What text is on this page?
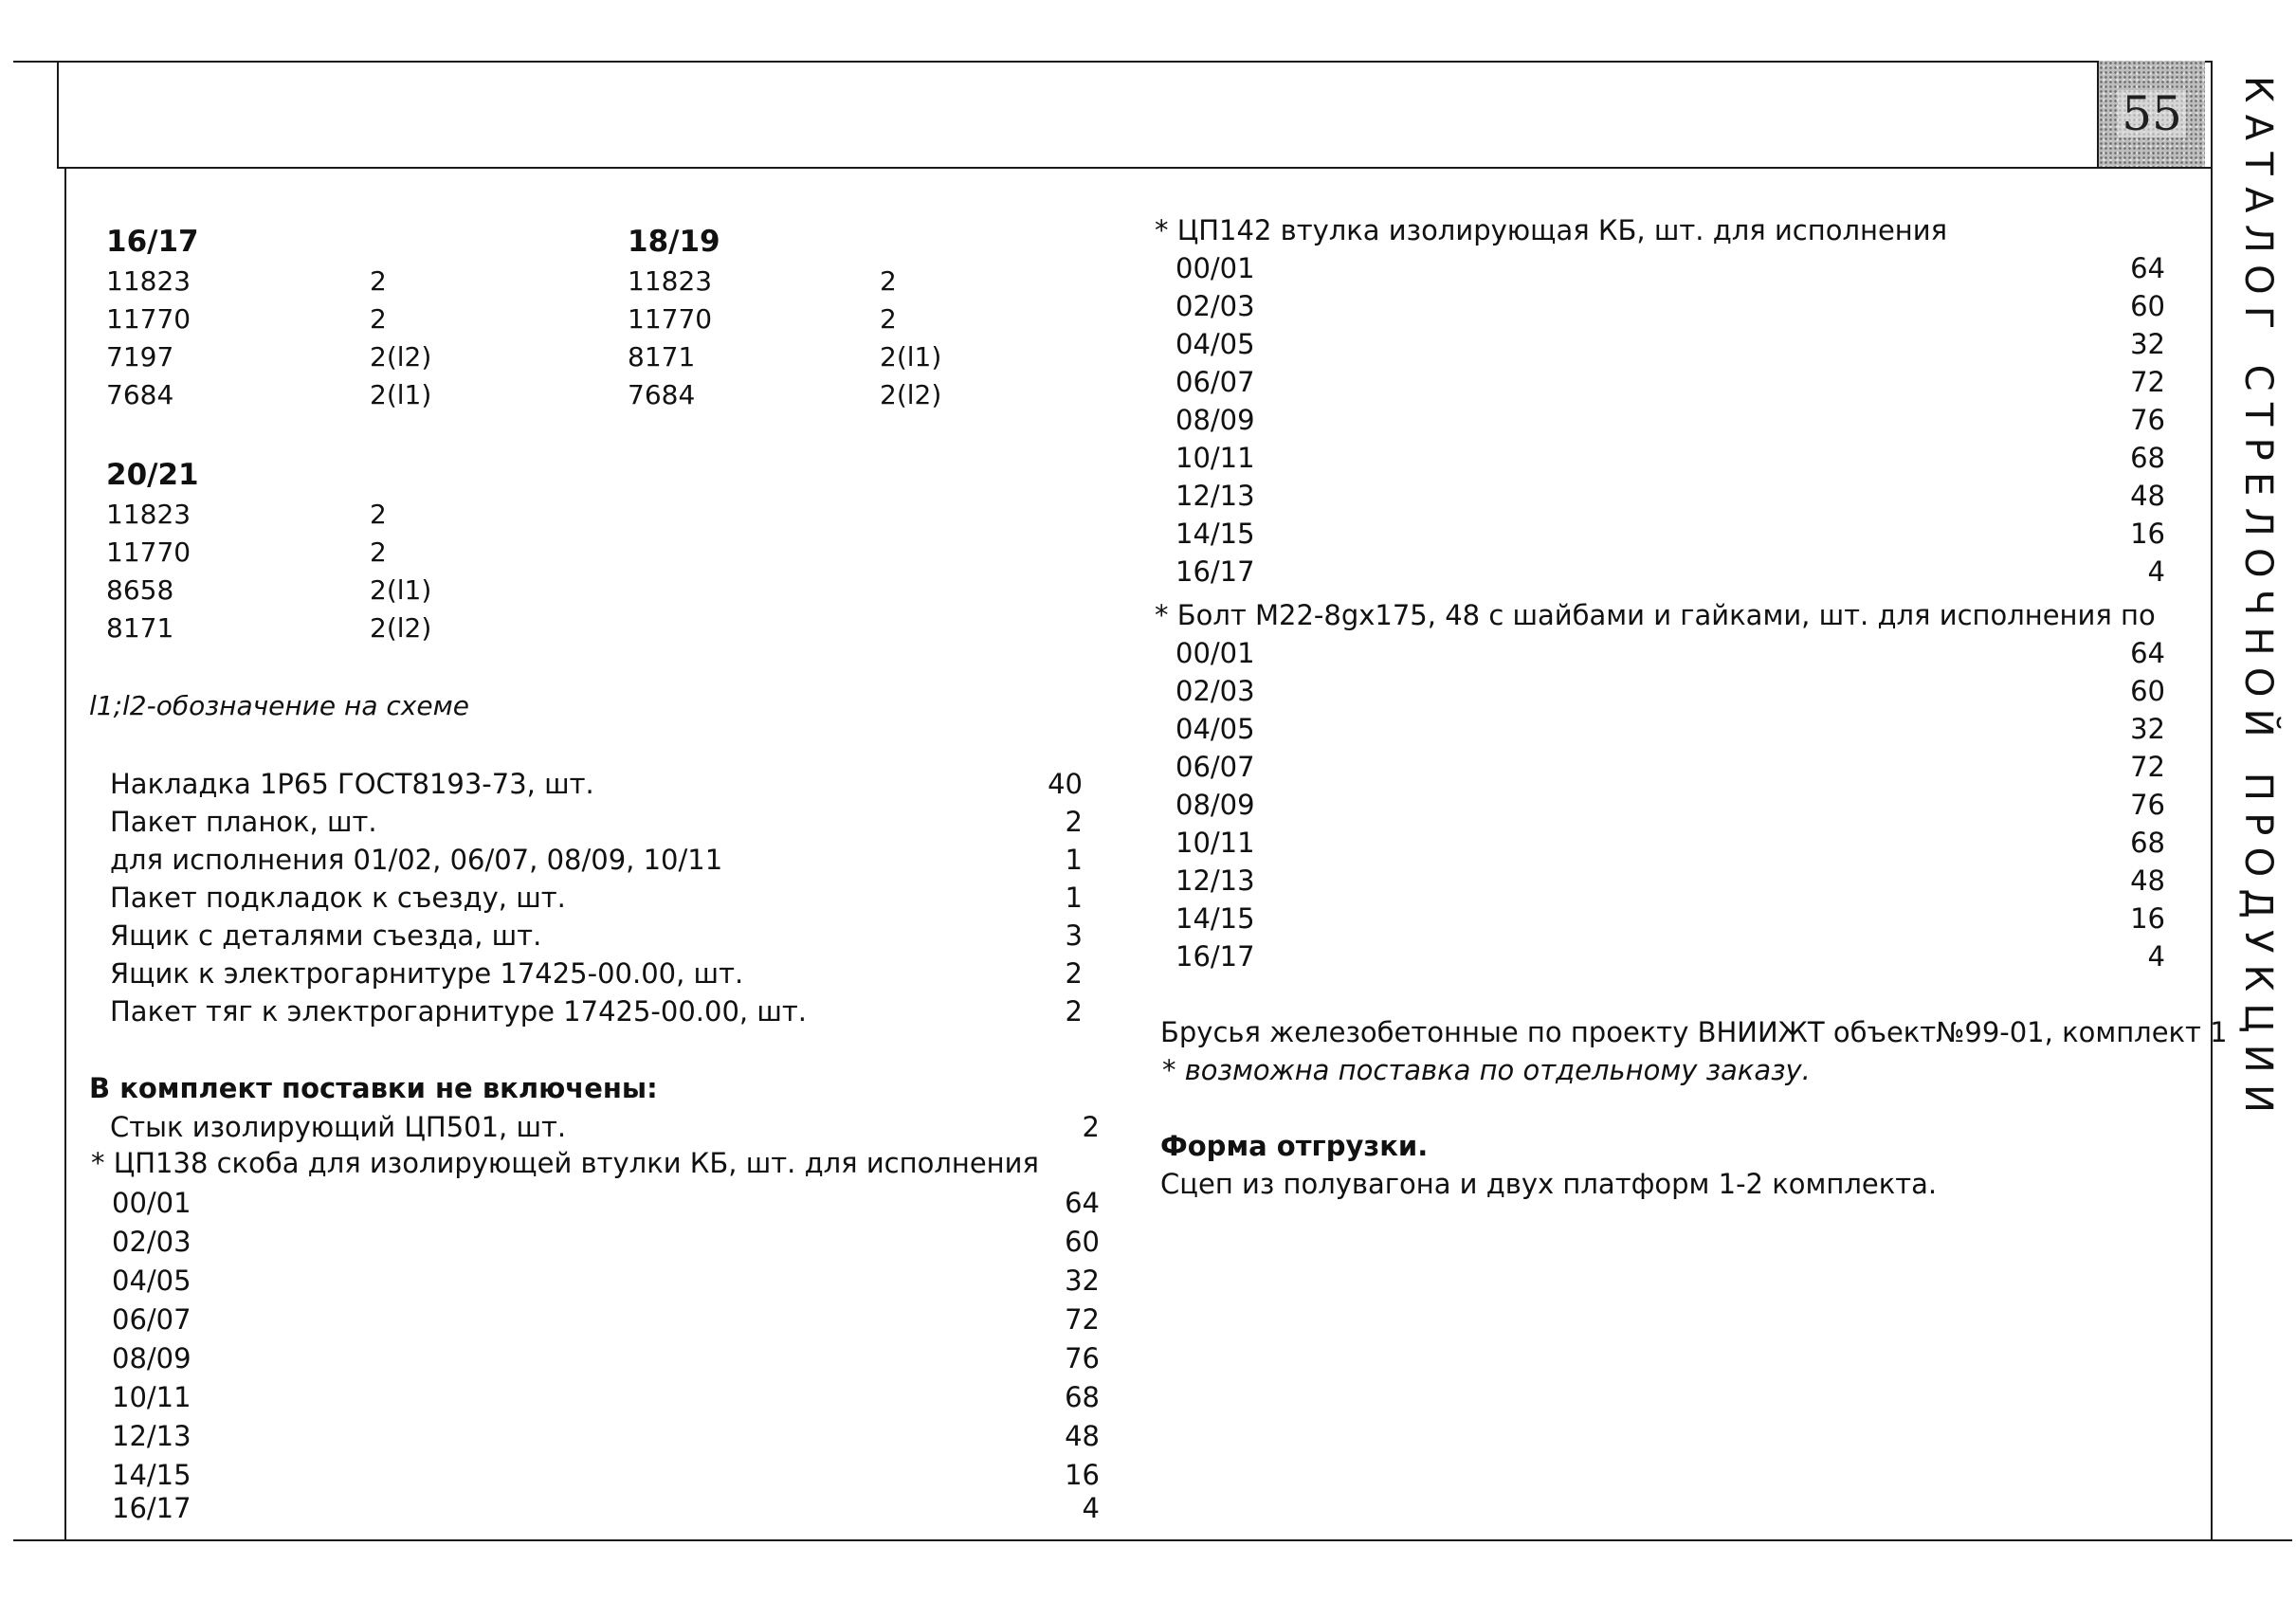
55 КАТАЛОГ СТРЕЛОЧНОЙ ПРОДУКЦИИ
16/17
11823	2
11770	2
7197	2(l2)
7684	2(l1)
18/19
11823	2
11770	2
8171	2(l1)
7684	2(l2)
20/21
11823	2
11770	2
8658	2(l1)
8171	2(l2)
l1;l2-обозначение на схеме
Накладка 1Р65 ГОСТ8193-73, шт.	40
Пакет планок, шт.	2
для исполнения 01/02, 06/07, 08/09, 10/11	1
Пакет подкладок к съезду, шт.	1
Ящик с деталями съезда, шт.	3
Ящик к электрогарнитуре 17425-00.00, шт.	2
Пакет тяг к электрогарнитуре 17425-00.00, шт.	2
В комплект поставки не включены:
Стык изолирующий ЦП501, шт.	2
* ЦП138 скоба для изолирующей втулки КБ, шт. для исполнения
00/01	64
02/03	60
04/05	32
06/07	72
08/09	76
10/11	68
12/13	48
14/15	16
16/17	4
* ЦП142 втулка изолирующая КБ, шт. для исполнения
00/01	64
02/03	60
04/05	32
06/07	72
08/09	76
10/11	68
12/13	48
14/15	16
16/17	4
* Болт М22-8gх175, 48 с шайбами и гайками, шт. для исполнения по
00/01	64
02/03	60
04/05	32
06/07	72
08/09	76
10/11	68
12/13	48
14/15	16
16/17	4
Брусья железобетонные по проекту ВНИИЖТ объект№99-01, комплект 1
* возможна поставка по отдельному заказу.
Форма отгрузки.
Сцеп из полувагона и двух платформ 1-2 комплекта.
